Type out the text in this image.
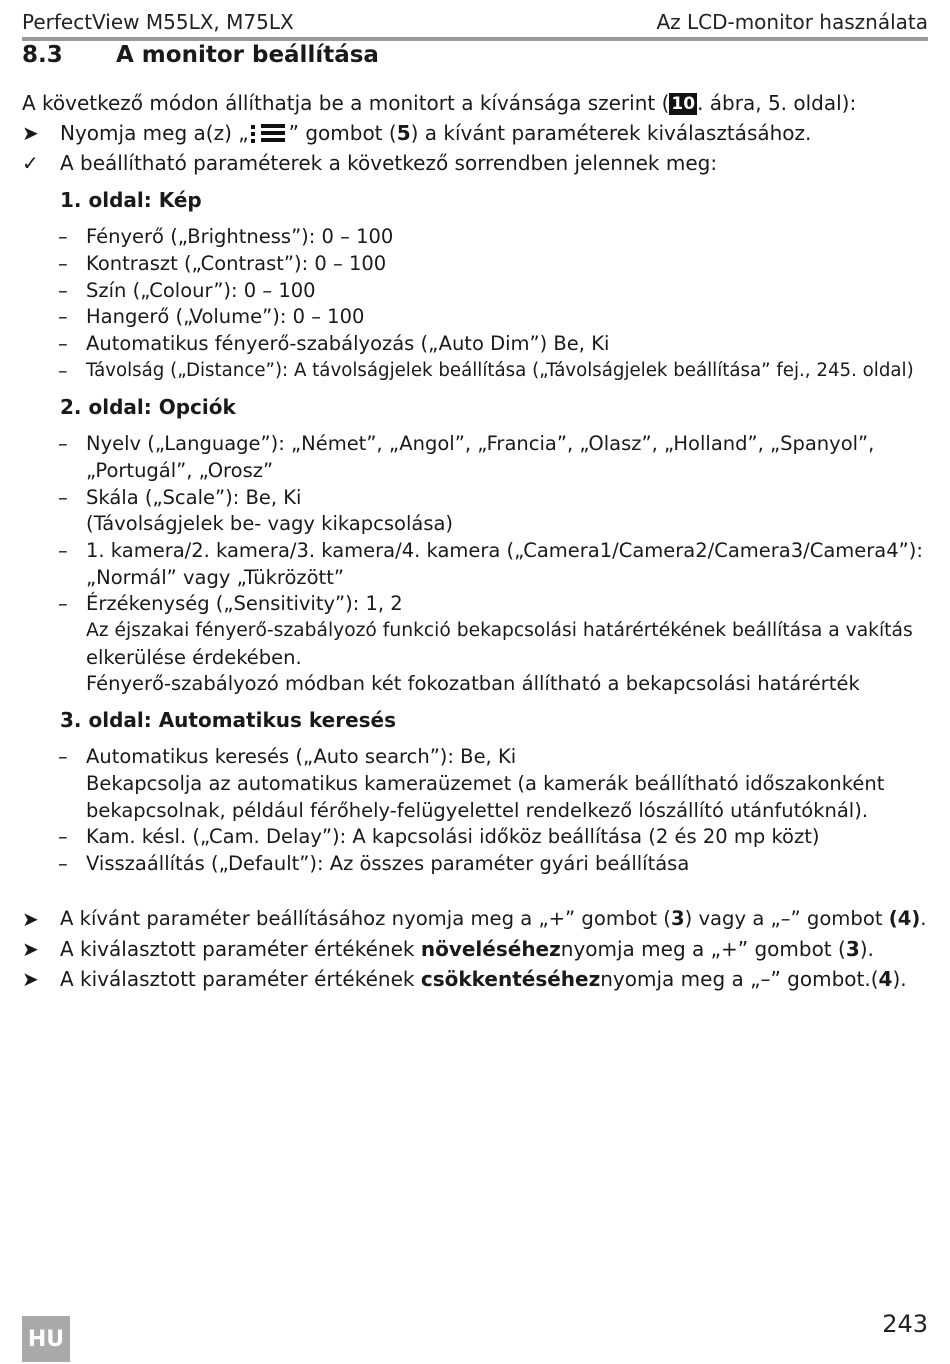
PerfectView M55LX, M75LX	Az LCD-monitor használata
8.3	A monitor beállítása
A következő módon állíthatja be a monitort a kívánsága szerint ( 10 . ábra, 5. oldal):
➤	Nyomja meg a(z) „ ” gombot (5) a kívánt paraméterek kiválasztásához.
✓	A beállítható paraméterek a következő sorrendben jelennek meg:
1. oldal: Kép
– Fényerő („Brightness”): 0 – 100
– Kontraszt („Contrast”): 0 – 100
– Szín („Colour”): 0 – 100
– Hangerő („Volume”): 0 – 100
– Automatikus fényerő-szabályozás („Auto Dim”) Be, Ki
– Távolság („Distance”): A távolságjelek beállítása („Távolságjelek beállítása” fej., 245. oldal)
2. oldal: Opciók
– Nyelv („Language”): „Német”, „Angol”, „Francia”, „Olasz”, „Holland”, „Spanyol”,
„Portugál”, „Orosz”
– Skála („Scale”): Be, Ki
(Távolságjelek be- vagy kikapcsolása)
– 1. kamera/2. kamera/3. kamera/4. kamera („Camera1/Camera2/Camera3/Camera4”):
„Normál” vagy „Tükrözött”
– Érzékenység („Sensitivity”): 1, 2
Az éjszakai fényerő-szabályozó funkció bekapcsolási határértékének beállítása a vakítás
elkerülése érdekében.
Fényerő-szabályozó módban két fokozatban állítható a bekapcsolási határérték
3. oldal: Automatikus keresés
– Automatikus keresés („Auto search”): Be, Ki
Bekapcsolja az automatikus kameraüzemet (a kamerák beállítható időszakonként
bekapcsolnak, például férőhely-felügyelettel rendelkező lószállító utánfutóknál).
– Kam. késl. („Cam. Delay”): A kapcsolási időköz beállítása (2 és 20 mp közt)
– Visszaállítás („Default”): Az összes paraméter gyári beállítása
➤	A kívánt paraméter beállításához nyomja meg a „+” gombot (3) vagy a „–” gombot (4).
➤	A kiválasztott paraméter értékének növeléséheznyomja meg a „+” gombot (3).
➤	A kiválasztott paraméter értékének csökkentéséheznyomja meg a „–” gombot.(4).
HU
243
